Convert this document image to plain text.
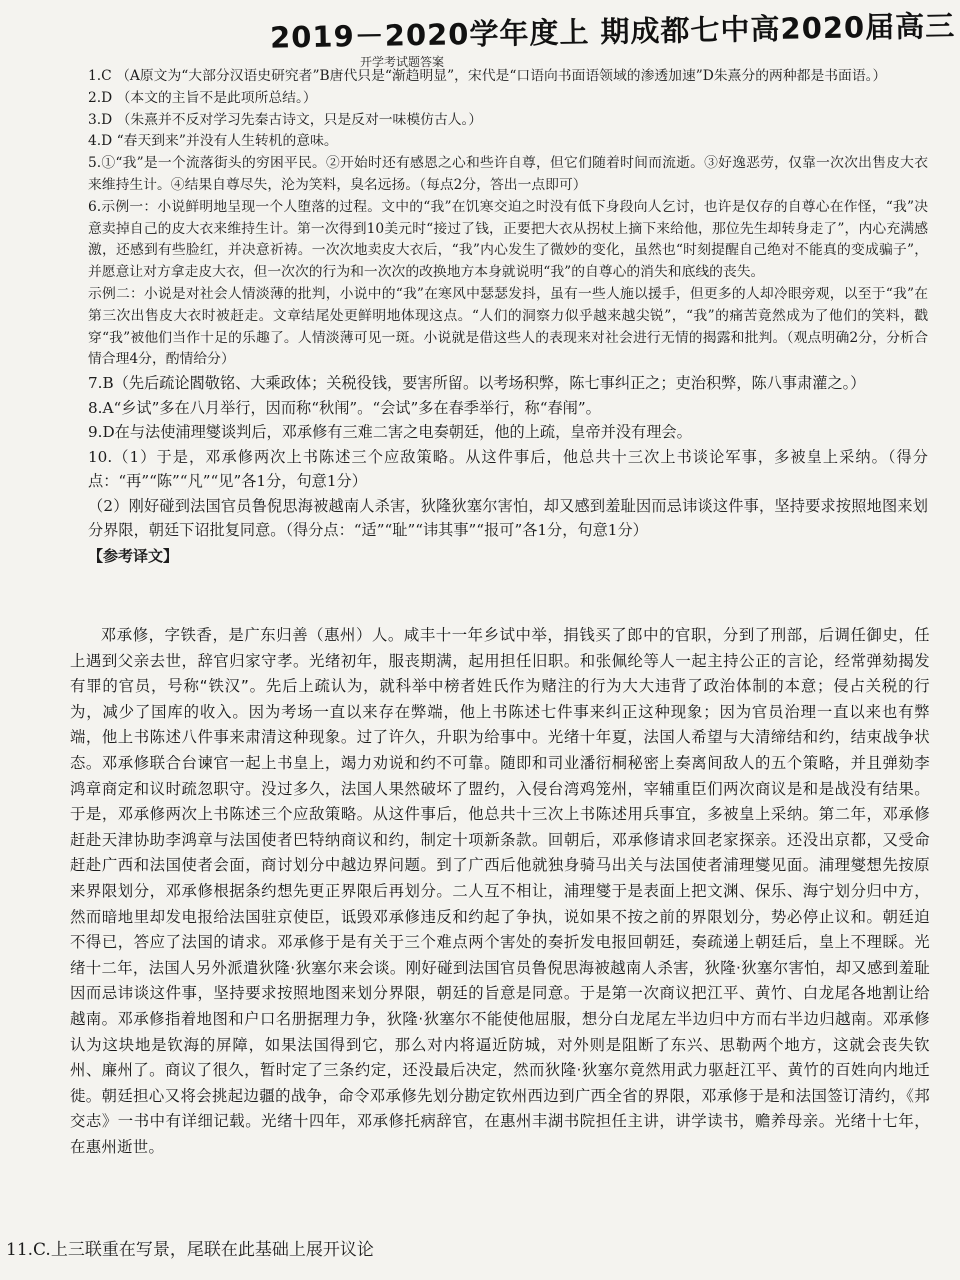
2019－2020学年度上 期成都七中高2020届高三
开学考试题答案

1.C （A原文为“大部分汉语史研究者”B唐代只是“渐趋明显”，宋代是“口语向书面语领域的渗透加速”D朱熹分的两种都是书面语。）

2.D （本文的主旨不是此项所总结。）

3.D （朱熹并不反对学习先秦古诗文，只是反对一味模仿古人。）

4.D “春天到来”并没有人生转机的意味。

5.①“我”是一个流落街头的穷困平民。②开始时还有感恩之心和些许自尊，但它们随着时间而流逝。③好逸恶劳，仅靠一次次出售皮大衣来维持生计。④结果自尊尽失，沦为笑料，臭名远扬。（每点2分，答出一点即可）

6.示例一：小说鲜明地呈现一个人堕落的过程。文中的“我”在饥寒交迫之时没有低下身段向人乞讨，也许是仅存的自尊心在作怪，“我”决意卖掉自己的皮大衣来维持生计。第一次得到10美元时“接过了钱，正要把大衣从拐杖上摘下来给他，那位先生却转身走了”，内心充满感激，还感到有些脸红，并决意祈祷。一次次地卖皮大衣后，“我”内心发生了微妙的变化，虽然也“时刻提醒自己绝对不能真的变成骗子”，并愿意让对方拿走皮大衣，但一次次的行为和一次次的改换地方本身就说明“我”的自尊心的消失和底线的丧失。

示例二：小说是对社会人情淡薄的批判，小说中的“我”在寒风中瑟瑟发抖，虽有一些人施以援手，但更多的人却冷眼旁观，以至于“我”在第三次出售皮大衣时被赶走。文章结尾处更鲜明地体现这点。“人们的洞察力似乎越来越尖锐”，“我”的痛苦竟然成为了他们的笑料，戳穿“我”被他们当作十足的乐趣了。人情淡薄可见一斑。小说就是借这些人的表现来对社会进行无情的揭露和批判。（观点明确2分，分析合情合理4分，酌情给分）

7.B（先后疏论閻敬铭、大乘政体；关税役钱，要害所留。以考场积弊，陈七事纠正之；吏治积弊，陈八事肃灌之。）

8.A“乡试”多在八月举行，因而称“秋闱”。“会试”多在春季举行，称“春闱”。

9.D在与法使浦理燮谈判后，邓承修有三难二害之电奏朝廷，他的上疏，皇帝并没有理会。

10.（1）于是，邓承修两次上书陈述三个应敌策略。从这件事后，他总共十三次上书谈论军事，多被皇上采纳。（得分点：“再”“陈”“凡”“见”各1分，句意1分）

（2）刚好碰到法国官员鲁倪思海被越南人杀害，狄隆狄塞尔害怕，却又感到羞耻因而忌讳谈这件事，坚持要求按照地图来划分界限，朝廷下诏批复同意。（得分点：“适”“耻”“讳其事”“报可”各1分，句意1分）

【参考译文】

邓承修，字铁香，是广东归善（惠州）人。咸丰十一年乡试中举，捐钱买了郎中的官职，分到了刑部，后调任御史，任上遇到父亲去世，辞官归家守孝。光绪初年，服丧期满，起用担任旧职。和张佩纶等人一起主持公正的言论，经常弹劾揭发有罪的官员，号称“铁汉”。先后上疏认为，就科举中榜者姓氏作为赌注的行为大大违背了政治体制的本意；侵占关税的行为，减少了国库的收入。因为考场一直以来存在弊端，他上书陈述七件事来纠正这种现象；因为官员治理一直以来也有弊端，他上书陈述八件事来肃清这种现象。过了许久，升职为给事中。光绪十年夏，法国人希望与大清缔结和约，结束战争状态。邓承修联合台谏官一起上书皇上，竭力劝说和约不可靠。随即和司业潘衍桐秘密上奏离间敌人的五个策略，并且弹劾李鸿章商定和议时疏忽职守。没过多久，法国人果然破坏了盟约，入侵台湾鸡笼州，宰辅重臣们两次商议是和是战没有结果。于是，邓承修两次上书陈述三个应敌策略。从这件事后，他总共十三次上书陈述用兵事宜，多被皇上采纳。第二年，邓承修赶赴天津协助李鸿章与法国使者巴特纳商议和约，制定十项新条款。回朝后，邓承修请求回老家探亲。还没出京都，又受命赶赴广西和法国使者会面，商讨划分中越边界问题。到了广西后他就独身骑马出关与法国使者浦理燮见面。浦理燮想先按原来界限划分，邓承修根据条约想先更正界限后再划分。二人互不相让，浦理燮于是表面上把文渊、保乐、海宁划分归中方，然而暗地里却发电报给法国驻京使臣，诋毁邓承修违反和约起了争执，说如果不按之前的界限划分，势必停止议和。朝廷迫不得已，答应了法国的请求。邓承修于是有关于三个难点两个害处的奏折发电报回朝廷，奏疏递上朝廷后，皇上不理睬。光绪十二年，法国人另外派遣狄隆·狄塞尔来会谈。刚好碰到法国官员鲁倪思海被越南人杀害，狄隆·狄塞尔害怕，却又感到羞耻因而忌讳谈这件事，坚持要求按照地图来划分界限，朝廷的旨意是同意。于是第一次商议把江平、黄竹、白龙尾各地割让给越南。邓承修指着地图和户口名册据理力争，狄隆·狄塞尔不能使他屈服，想分白龙尾左半边归中方而右半边归越南。邓承修认为这块地是钦海的屏障，如果法国得到它，那么对内将逼近防城，对外则是阻断了东兴、思勒两个地方，这就会丧失钦州、廉州了。商议了很久，暂时定了三条约定，还没最后决定，然而狄隆·狄塞尔竟然用武力驱赶江平、黄竹的百姓向内地迁徙。朝廷担心又将会挑起边疆的战争，命令邓承修先划分勘定钦州西边到广西全省的界限，邓承修于是和法国签订清约，《邦交志》一书中有详细记载。光绪十四年，邓承修托病辞官，在惠州丰湖书院担任主讲，讲学读书，赡养母亲。光绪十七年，在惠州逝世。

11.C.上三联重在写景，尾联在此基础上展开议论
